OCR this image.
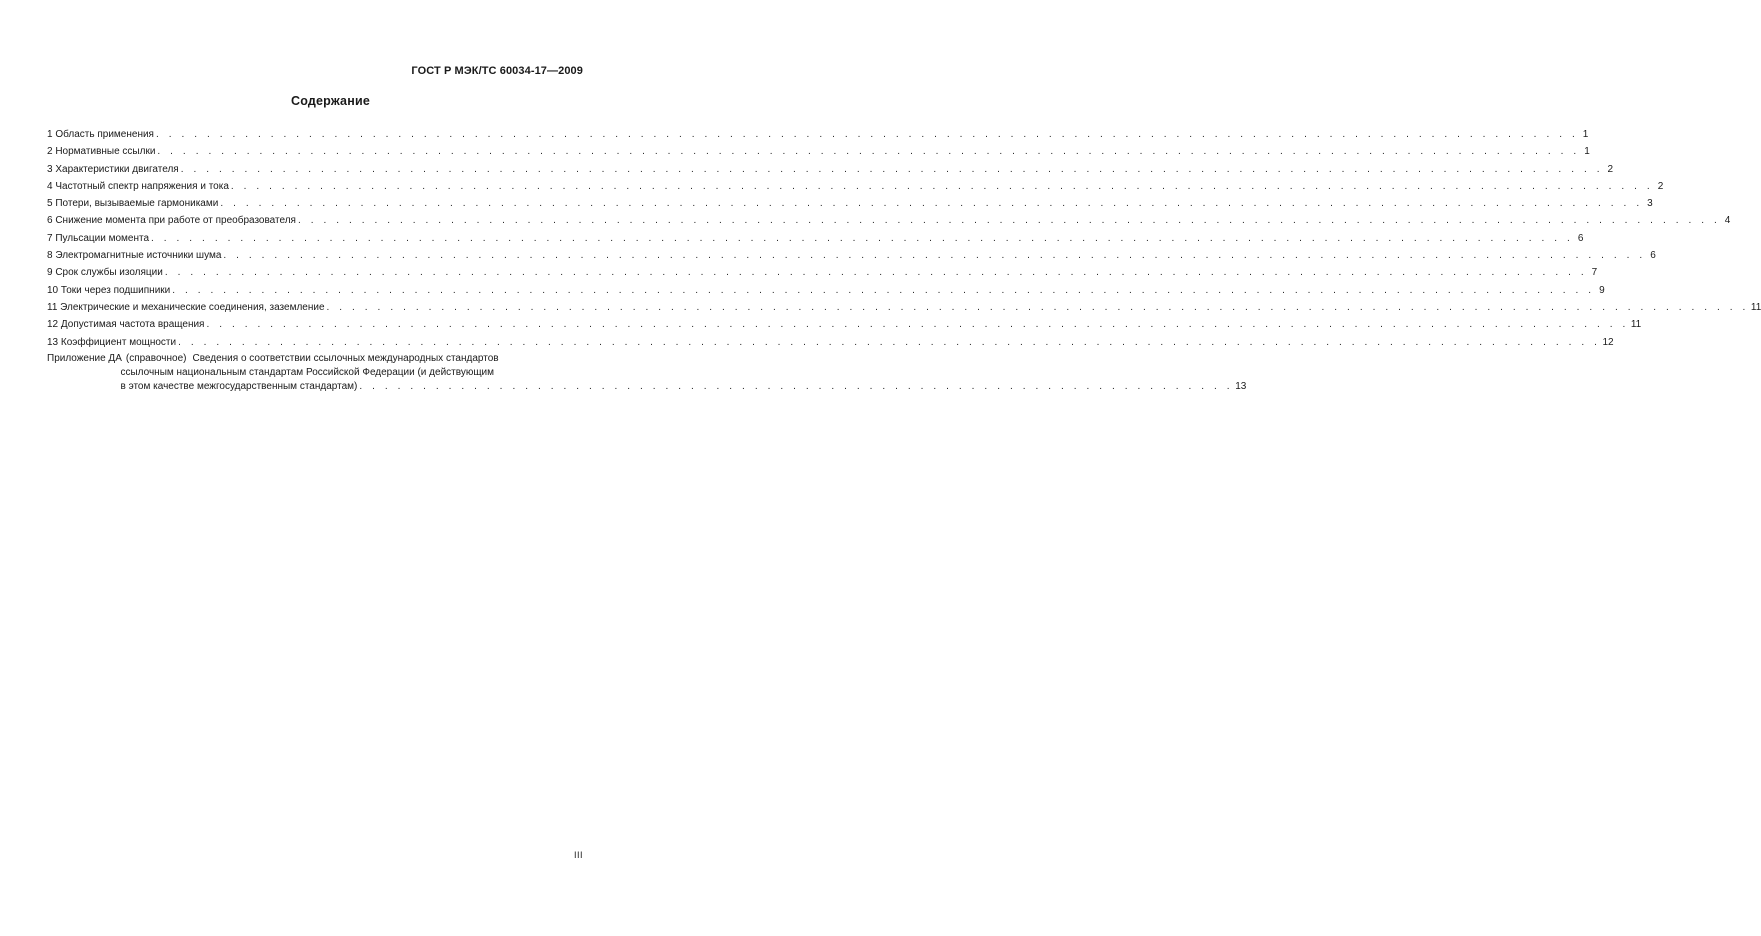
ГОСТ Р МЭК/ТС 60034-17—2009
Содержание
1 Область применения . . .	1
2 Нормативные ссылки . . .	1
3 Характеристики двигателя . . .	2
4 Частотный спектр напряжения и тока . . .	2
5 Потери, вызываемые гармониками . . .	3
6 Снижение момента при работе от преобразователя . . .	4
7 Пульсации момента . . .	6
8 Электромагнитные источники шума . . .	6
9 Срок службы изоляции . . .	7
10 Токи через подшипники . . .	9
11 Электрические и механические соединения, заземление . . .	11
12 Допустимая частота вращения . . .	11
13 Коэффициент мощности . . .	12
Приложение ДА (справочное) Сведения о соответствии ссылочных международных стандартов
ссылочным национальным стандартам Российской Федерации (и действующим
в этом качестве межгосударственным стандартам) . . .	13
III
